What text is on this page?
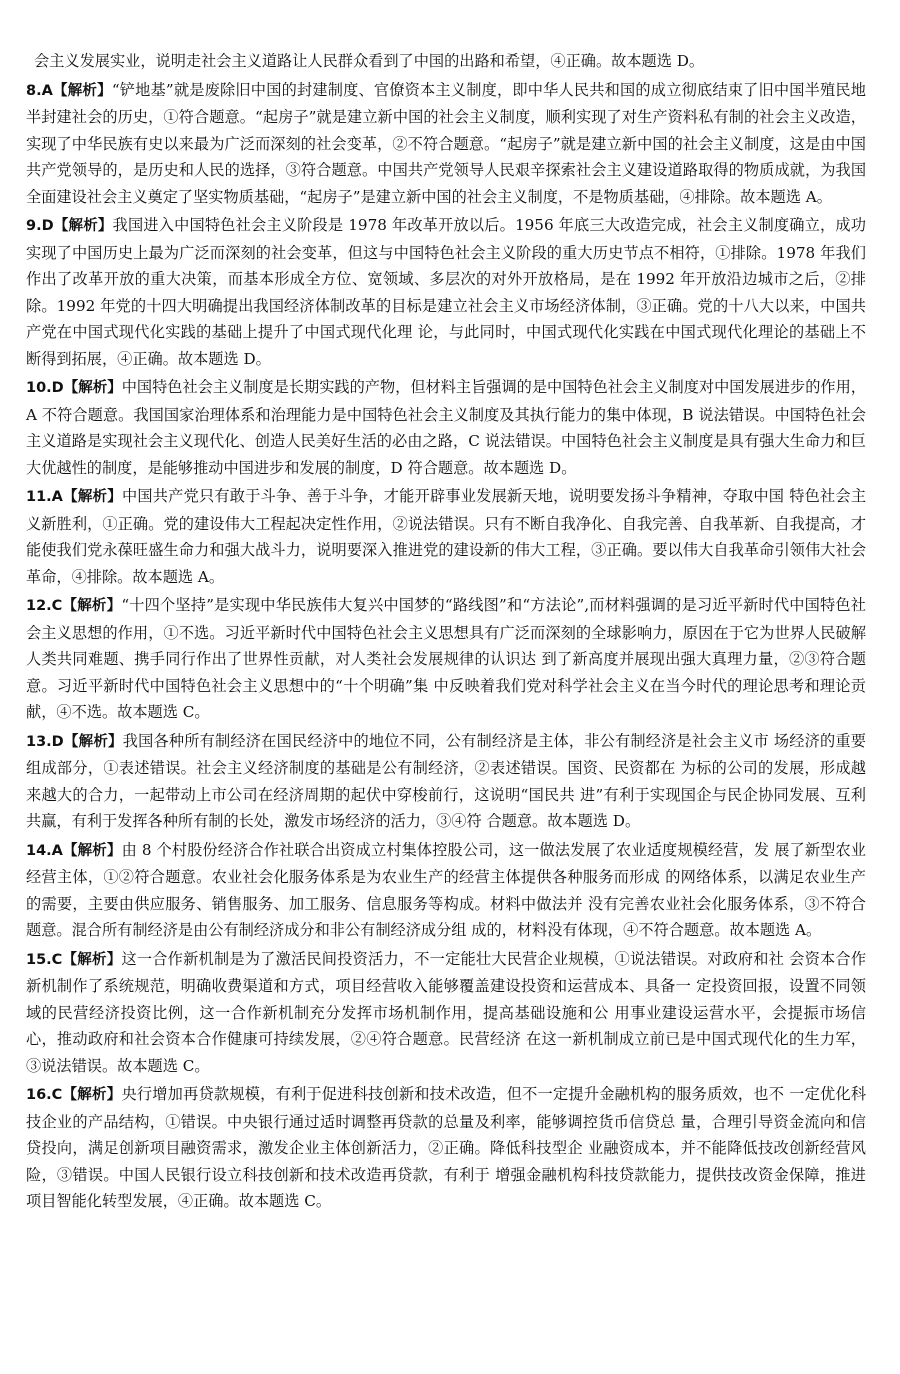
会主义发展实业，说明走社会主义道路让人民群众看到了中国的出路和希望，④正确。故本题选 D。

8.A【解析】“铲地基”就是废除旧中国的封建制度、官僚资本主义制度，即中华人民共和国的成立彻底结束了旧中国半殖民地半封建社会的历史，①符合题意。“起房子”就是建立新中国的社会主义制度，顺利实现了对生产资料私有制的社会主义改造，实现了中华民族有史以来最为广泛而深刻的社会变革，②不符合题意。“起房子”就是建立新中国的社会主义制度，这是由中国共产党领导的，是历史和人民的选择，③符合题意。中国共产党领导人民艰辛探索社会主义建设道路取得的物质成就，为我国全面建设社会主义奠定了坚实物质基础，“起房子”是建立新中国的社会主义制度，不是物质基础，④排除。故本题选 A。

9.D【解析】我国进入中国特色社会主义阶段是 1978 年改革开放以后。1956 年底三大改造完成，社会主义制度确立，成功实现了中国历史上最为广泛而深刻的社会变革，但这与中国特色社会主义阶段的重大历史节点不相符，①排除。1978 年我们作出了改革开放的重大决策，而基本形成全方位、宽领域、多层次的对外开放格局，是在 1992 年开放沿边城市之后，②排除。1992 年党的十四大明确提出我国经济体制改革的目标是建立社会主义市场经济体制，③正确。党的十八大以来，中国共产党在中国式现代化实践的基础上提升了中国式现代化理 论，与此同时，中国式现代化实践在中国式现代化理论的基础上不断得到拓展，④正确。故本题选 D。

10.D【解析】中国特色社会主义制度是长期实践的产物，但材料主旨强调的是中国特色社会主义制度对中国发展进步的作用，A 不符合题意。我国国家治理体系和治理能力是中国特色社会主义制度及其执行能力的集中体现，B 说法错误。中国特色社会主义道路是实现社会主义现代化、创造人民美好生活的必由之路，C 说法错误。中国特色社会主义制度是具有强大生命力和巨大优越性的制度，是能够推动中国进步和发展的制度，D 符合题意。故本题选 D。

11.A【解析】中国共产党只有敢于斗争、善于斗争，才能开辟事业发展新天地，说明要发扬斗争精神，夺取中国 特色社会主义新胜利，①正确。党的建设伟大工程起决定性作用，②说法错误。只有不断自我净化、自我完善、自我革新、自我提高，才能使我们党永葆旺盛生命力和强大战斗力，说明要深入推进党的建设新的伟大工程，③正确。要以伟大自我革命引领伟大社会革命，④排除。故本题选 A。

12.C【解析】“十四个坚持”是实现中华民族伟大复兴中国梦的“路线图”和“方法论”,而材料强调的是习近平新时代中国特色社会主义思想的作用，①不选。习近平新时代中国特色社会主义思想具有广泛而深刻的全球影响力，原因在于它为世界人民破解人类共同难题、携手同行作出了世界性贡献，对人类社会发展规律的认识达 到了新高度并展现出强大真理力量，②③符合题意。习近平新时代中国特色社会主义思想中的“十个明确”集 中反映着我们党对科学社会主义在当今时代的理论思考和理论贡献，④不选。故本题选 C。

13.D【解析】我国各种所有制经济在国民经济中的地位不同，公有制经济是主体，非公有制经济是社会主义市 场经济的重要组成部分，①表述错误。社会主义经济制度的基础是公有制经济，②表述错误。国资、民资都在 为标的公司的发展，形成越来越大的合力，一起带动上市公司在经济周期的起伏中穿梭前行，这说明“国民共 进”有利于实现国企与民企协同发展、互利共赢，有利于发挥各种所有制的长处，激发市场经济的活力，③④符 合题意。故本题选 D。

14.A【解析】由 8 个村股份经济合作社联合出资成立村集体控股公司，这一做法发展了农业适度规模经营，发 展了新型农业经营主体，①②符合题意。农业社会化服务体系是为农业生产的经营主体提供各种服务而形成 的网络体系，以满足农业生产的需要，主要由供应服务、销售服务、加工服务、信息服务等构成。材料中做法并 没有完善农业社会化服务体系，③不符合题意。混合所有制经济是由公有制经济成分和非公有制经济成分组 成的，材料没有体现，④不符合题意。故本题选 A。

15.C【解析】这一合作新机制是为了激活民间投资活力，不一定能壮大民营企业规模，①说法错误。对政府和社 会资本合作新机制作了系统规范，明确收费渠道和方式，项目经营收入能够覆盖建设投资和运营成本、具备一 定投资回报，设置不同领域的民营经济投资比例，这一合作新机制充分发挥市场机制作用，提高基础设施和公 用事业建设运营水平，会提振市场信心，推动政府和社会资本合作健康可持续发展，②④符合题意。民营经济 在这一新机制成立前已是中国式现代化的生力军，③说法错误。故本题选 C。

16.C【解析】央行增加再贷款规模，有利于促进科技创新和技术改造，但不一定提升金融机构的服务质效，也不 一定优化科技企业的产品结构，①错误。中央银行通过适时调整再贷款的总量及利率，能够调控货币信贷总 量，合理引导资金流向和信贷投向，满足创新项目融资需求，激发企业主体创新活力，②正确。降低科技型企 业融资成本，并不能降低技改创新经营风险，③错误。中国人民银行设立科技创新和技术改造再贷款，有利于 增强金融机构科技贷款能力，提供技改资金保障，推进项目智能化转型发展，④正确。故本题选 C。
